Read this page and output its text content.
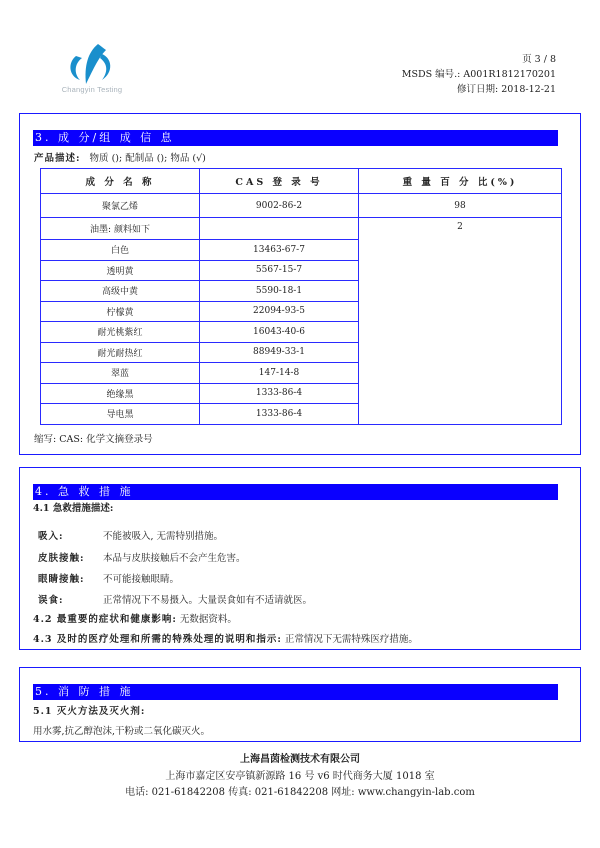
Changyin Testing
页 3 / 8
MSDS 编号.: A001R1812170201
修订日期: 2018-12-21
3. 成 分/组 成 信 息
产品描述: 物质 (); 配制品 (); 物品 (√)
成 分 名 称	CAS 登 录 号	重 量 百 分 比(%)
聚氯乙烯	9002-86-2	98
油墨: 颜料如下		2
白色	13463-67-7	
透明黄	5567-15-7	
高级中黄	5590-18-1	
柠檬黄	22094-93-5	
耐光桃紫红	16043-40-6	
耐光耐热红	88949-33-1	
翠蓝	147-14-8	
绝缘黑	1333-86-4	
导电黑	1333-86-4	
缩写: CAS: 化学文摘登录号
4. 急 救 措 施
4.1 急救措施描述:
吸入:	不能被吸入, 无需特别措施。
皮肤接触: 本品与皮肤接触后不会产生危害。
眼睛接触: 不可能接触眼睛。
误食:	正常情况下不易摄入。大量误食如有不适请就医。
4.2 最重要的症状和健康影响: 无数据资料。
4.3 及时的医疗处理和所需的特殊处理的说明和指示: 正常情况下无需特殊医疗措施。
5. 消 防 措 施
5.1 灭火方法及灭火剂:
用水雾,抗乙醇泡沫,干粉或二氧化碳灭火。
上海昌茵检测技术有限公司
上海市嘉定区安亭镇新源路 16 号 v6 时代商务大厦 1018 室
电话: 021-61842208 传真: 021-61842208 网址: www.changyin-lab.com
